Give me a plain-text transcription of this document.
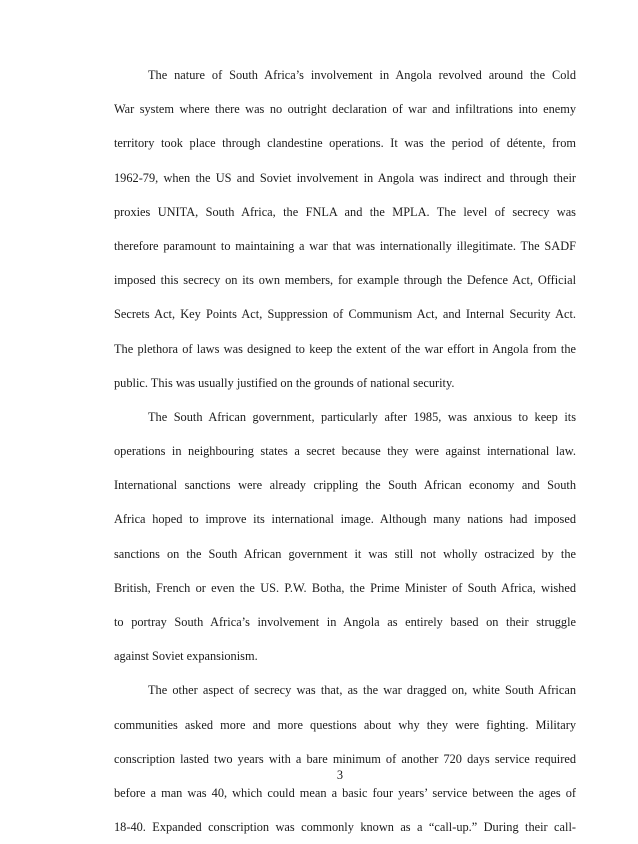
The nature of South Africa’s involvement in Angola revolved around the Cold
War system where there was no outright declaration of war and infiltrations into enemy
territory took place through clandestine operations. It was the period of détente, from
1962-79, when the US and Soviet involvement in Angola was indirect and through their
proxies UNITA, South Africa, the FNLA and the MPLA. The level of secrecy was
therefore paramount to maintaining a war that was internationally illegitimate. The SADF
imposed this secrecy on its own members, for example through the Defence Act, Official
Secrets Act, Key Points Act, Suppression of Communism Act, and Internal Security Act.
The plethora of laws was designed to keep the extent of the war effort in Angola from the
public. This was usually justified on the grounds of national security.
The South African government, particularly after 1985, was anxious to keep its
operations in neighbouring states a secret because they were against international law.
International sanctions were already crippling the South African economy and South
Africa hoped to improve its international image. Although many nations had imposed
sanctions on the South African government it was still not wholly ostracized by the
British, French or even the US. P.W. Botha, the Prime Minister of South Africa, wished
to portray South Africa’s involvement in Angola as entirely based on their struggle
against Soviet expansionism.
The other aspect of secrecy was that, as the war dragged on, white South African
communities asked more and more questions about why they were fighting. Military
conscription lasted two years with a bare minimum of another 720 days service required
before a man was 40, which could mean a basic four years’ service between the ages of
18-40. Expanded conscription was commonly known as a “call-up.” During their call-

3
